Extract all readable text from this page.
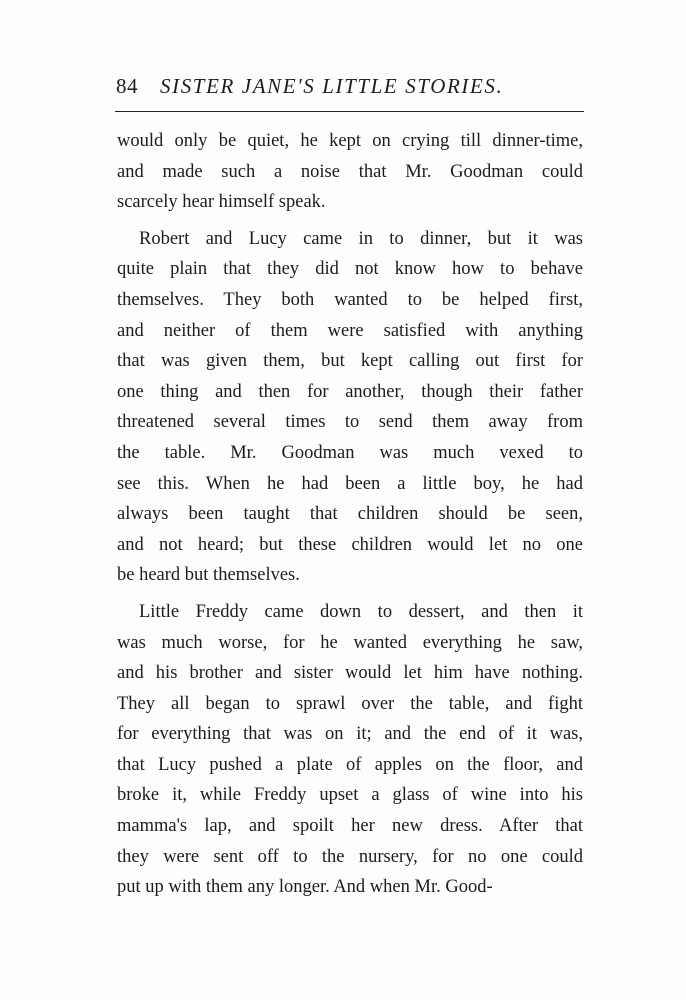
84 SISTER JANE'S LITTLE STORIES.
would only be quiet, he kept on crying till dinner-time,
and made such a noise that Mr. Goodman could
scarcely hear himself speak.
Robert and Lucy came in to dinner, but it was
quite plain that they did not know how to behave
themselves. They both wanted to be helped first,
and neither of them were satisfied with anything
that was given them, but kept calling out first for
one thing and then for another, though their father
threatened several times to send them away from
the table. Mr. Goodman was much vexed to
see this. When he had been a little boy, he had
always been taught that children should be seen,
and not heard; but these children would let no one
be heard but themselves.
Little Freddy came down to dessert, and then it
was much worse, for he wanted everything he saw,
and his brother and sister would let him have nothing.
They all began to sprawl over the table, and fight
for everything that was on it; and the end of it was,
that Lucy pushed a plate of apples on the floor, and
broke it, while Freddy upset a glass of wine into his
mamma's lap, and spoilt her new dress. After that
they were sent off to the nursery, for no one could
put up with them any longer. And when Mr. Good-
